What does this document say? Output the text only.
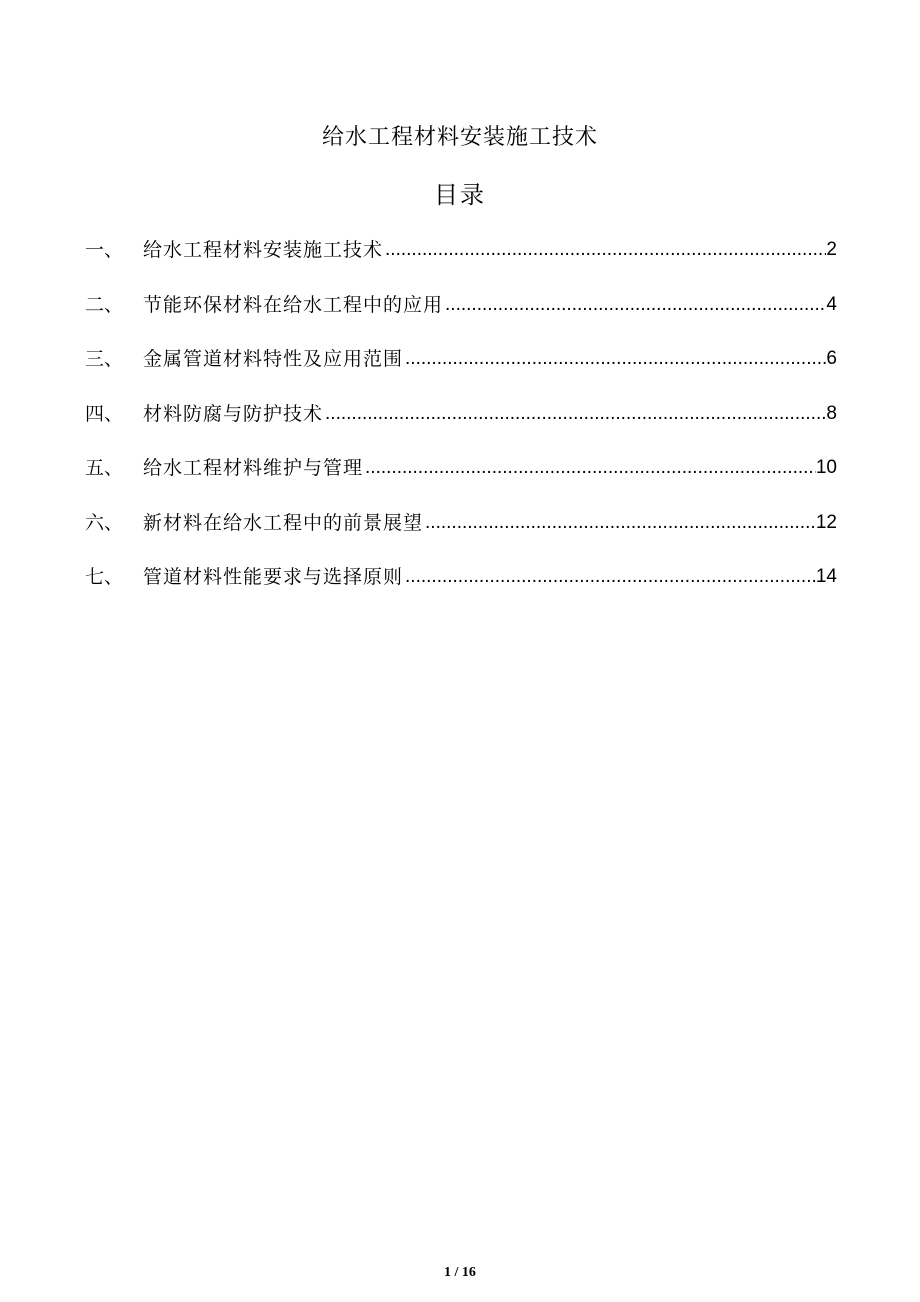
给水工程材料安装施工技术
目录
一、	给水工程材料安装施工技术 .....	2
二、	节能环保材料在给水工程中的应用 .....	4
三、	金属管道材料特性及应用范围 .....	6
四、	材料防腐与防护技术 .....	8
五、	给水工程材料维护与管理 .....	10
六、	新材料在给水工程中的前景展望 .....	12
七、	管道材料性能要求与选择原则 .....	14
1 / 16
